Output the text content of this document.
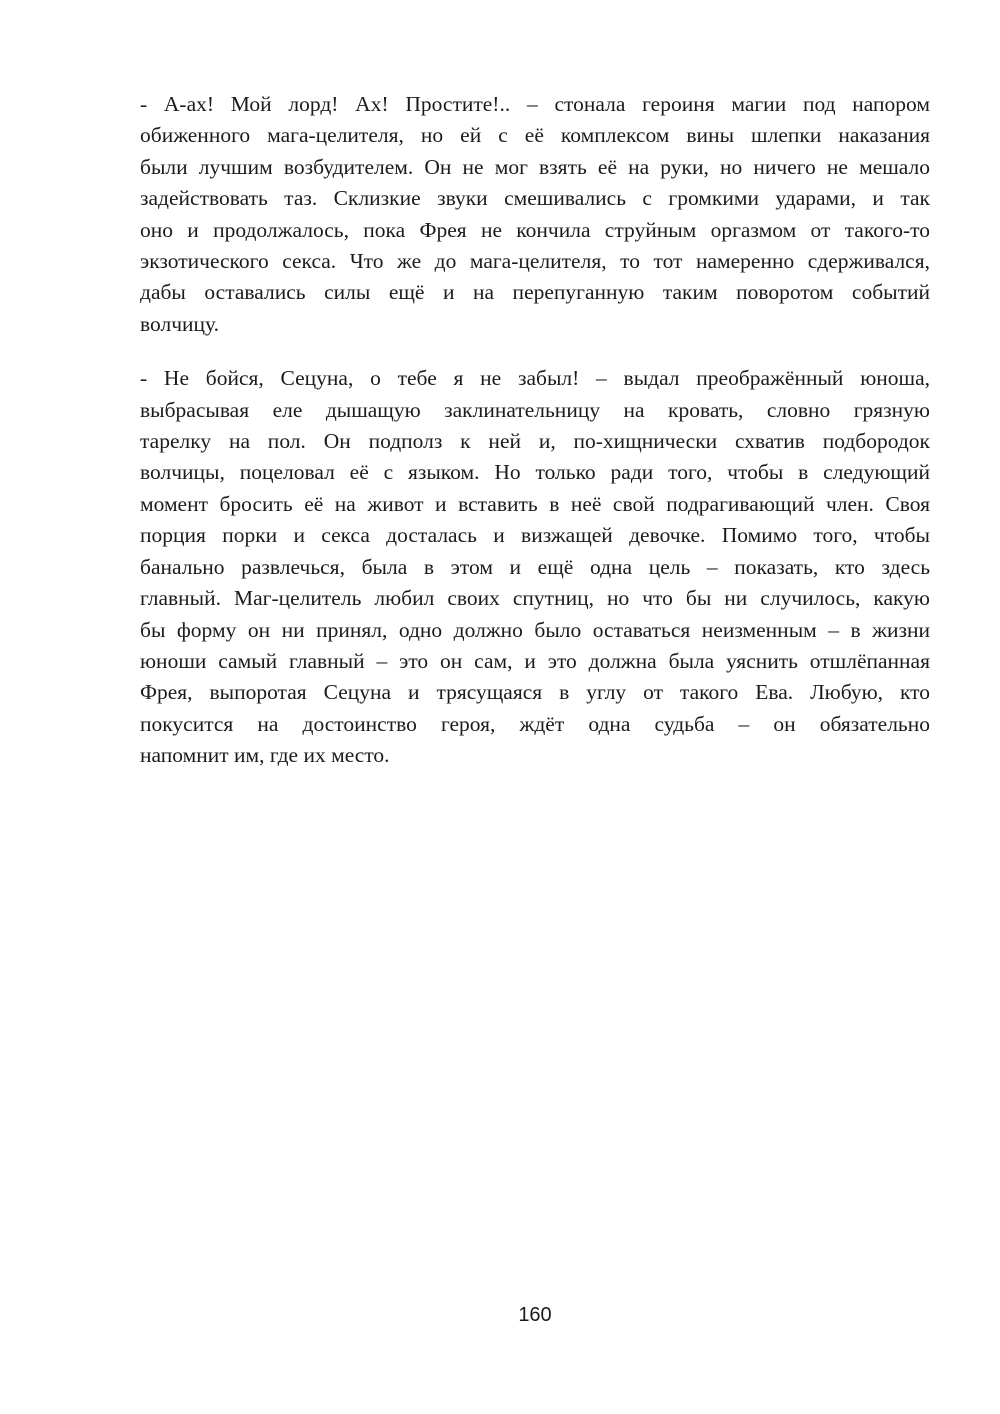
- А-ах! Мой лорд! Ах! Простите!.. – стонала героиня магии под напором
обиженного мага-целителя, но ей с её комплексом вины шлепки наказания
были лучшим возбудителем. Он не мог взять её на руки, но ничего не мешало
задействовать таз. Склизкие звуки смешивались с громкими ударами, и так
оно и продолжалось, пока Фрея не кончила струйным оргазмом от такого-то
экзотического секса. Что же до мага-целителя, то тот намеренно сдерживался,
дабы оставались силы ещё и на перепуганную таким поворотом событий
волчицу.

- Не бойся, Сецуна, о тебе я не забыл! – выдал преображённый юноша,
выбрасывая еле дышащую заклинательницу на кровать, словно грязную
тарелку на пол. Он подполз к ней и, по-хищнически схватив подбородок
волчицы, поцеловал её с языком. Но только ради того, чтобы в следующий
момент бросить её на живот и вставить в неё свой подрагивающий член. Своя
порция порки и секса досталась и визжащей девочке. Помимо того, чтобы
банально развлечься, была в этом и ещё одна цель – показать, кто здесь
главный. Маг-целитель любил своих спутниц, но что бы ни случилось, какую
бы форму он ни принял, одно должно было оставаться неизменным – в жизни
юноши самый главный – это он сам, и это должна была уяснить отшлёпанная
Фрея, выпоротая Сецуна и трясущаяся в углу от такого Ева. Любую, кто
покусится на достоинство героя, ждёт одна судьба – он обязательно
напомнит им, где их место.

160
